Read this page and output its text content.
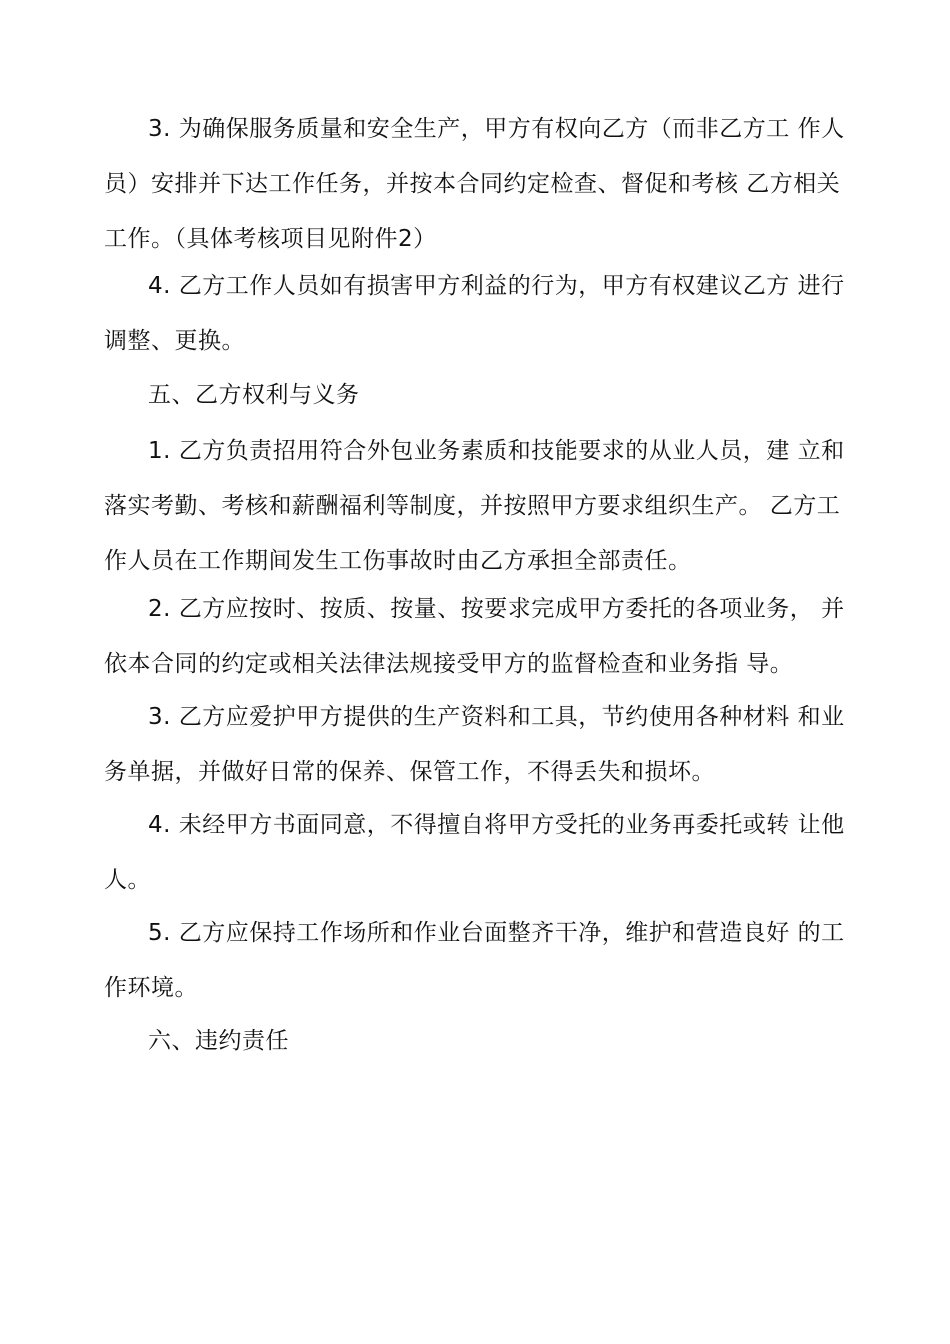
3. 为确保服务质量和安全生产，甲方有权向乙方（而非乙方工 作人
员）安排并下达工作任务，并按本合同约定检查、督促和考核 乙方相关
工作。（具体考核项目见附件2）
4. 乙方工作人员如有损害甲方利益的行为，甲方有权建议乙方 进行
调整、更换。
五、乙方权利与义务
1. 乙方负责招用符合外包业务素质和技能要求的从业人员，建 立和
落实考勤、考核和薪酬福利等制度，并按照甲方要求组织生产。 乙方工
作人员在工作期间发生工伤事故时由乙方承担全部责任。
2. 乙方应按时、按质、按量、按要求完成甲方委托的各项业务， 并
依本合同的约定或相关法律法规接受甲方的监督检查和业务指 导。
3. 乙方应爱护甲方提供的生产资料和工具，节约使用各种材料 和业
务单据，并做好日常的保养、保管工作，不得丢失和损坏。
4. 未经甲方书面同意，不得擅自将甲方受托的业务再委托或转 让他
人。
5. 乙方应保持工作场所和作业台面整齐干净，维护和营造良好 的工
作环境。
六、违约责任
